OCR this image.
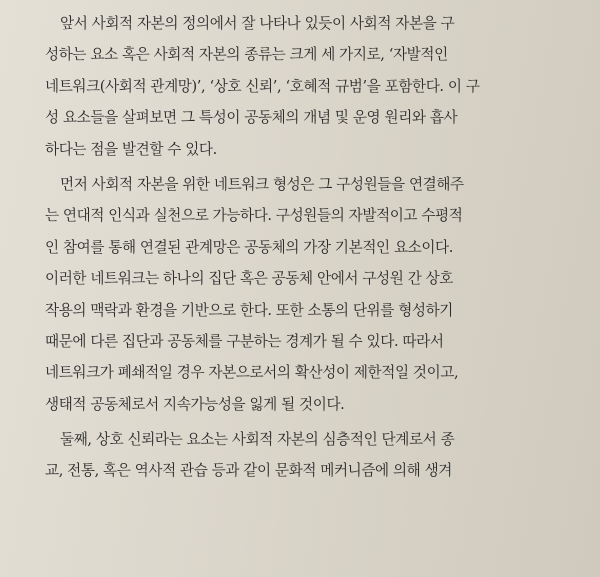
앞서 사회적 자본의 정의에서 잘 나타나 있듯이 사회적 자본을 구
성하는 요소 혹은 사회적 자본의 종류는 크게 세 가지로, ‘자발적인
네트워크(사회적 관계망)’, ‘상호 신뢰’, ‘호혜적 규범’을 포함한다. 이 구
성 요소들을 살펴보면 그 특성이 공동체의 개념 및 운영 원리와 흡사
하다는 점을 발견할 수 있다.
먼저 사회적 자본을 위한 네트워크 형성은 그 구성원들을 연결해주
는 연대적 인식과 실천으로 가능하다. 구성원들의 자발적이고 수평적
인 참여를 통해 연결된 관계망은 공동체의 가장 기본적인 요소이다.
이러한 네트워크는 하나의 집단 혹은 공동체 안에서 구성원 간 상호
작용의 맥락과 환경을 기반으로 한다. 또한 소통의 단위를 형성하기
때문에 다른 집단과 공동체를 구분하는 경계가 될 수 있다. 따라서
네트워크가 폐쇄적일 경우 자본으로서의 확산성이 제한적일 것이고,
생태적 공동체로서 지속가능성을 잃게 될 것이다.
둘째, 상호 신뢰라는 요소는 사회적 자본의 심층적인 단계로서 종
교, 전통, 혹은 역사적 관습 등과 같이 문화적 메커니즘에 의해 생겨
